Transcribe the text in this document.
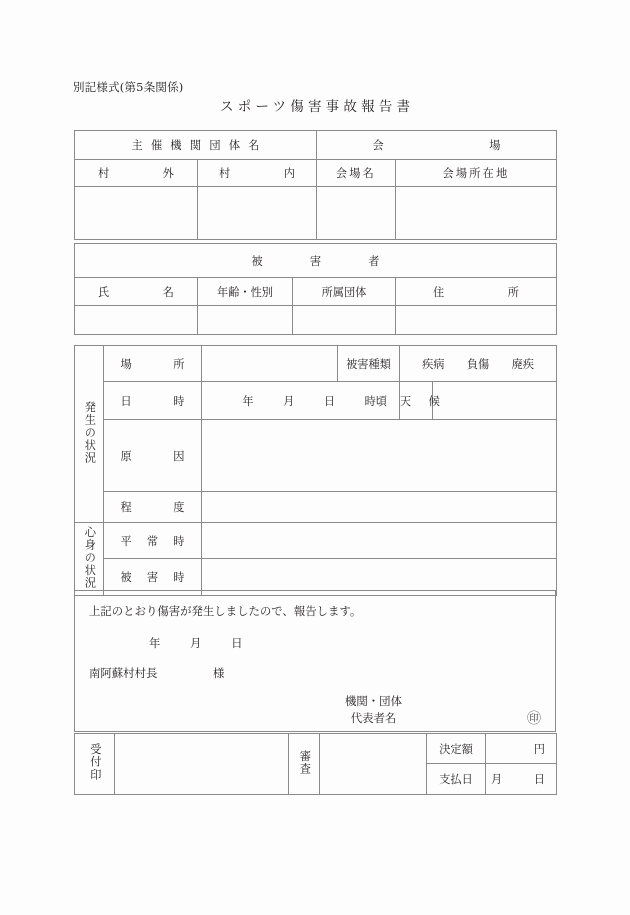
別記様式(第5条関係)
スポーツ傷害事故報告書
主催機関団体名		会　　場	

村　外	村　内	会場名	会場所在地

被　　害　　者			

氏　名	年齢・性別	所属団体	住　　所

発生の状況	場　所		被害種類	疾病　　負傷　　廃疾	

	日　時	年 月 日 時頃		天　候	

	原　因				

	程　度				

心身の状況	平　常　時				

	被　害　時				

上記のとおり傷害が発生しましたので、報告します。
年	月	日
南阿蘇村村長	様
機関・団体
代表者名	㊞
受付印		審査		決定額	円
				支払日	月 日
